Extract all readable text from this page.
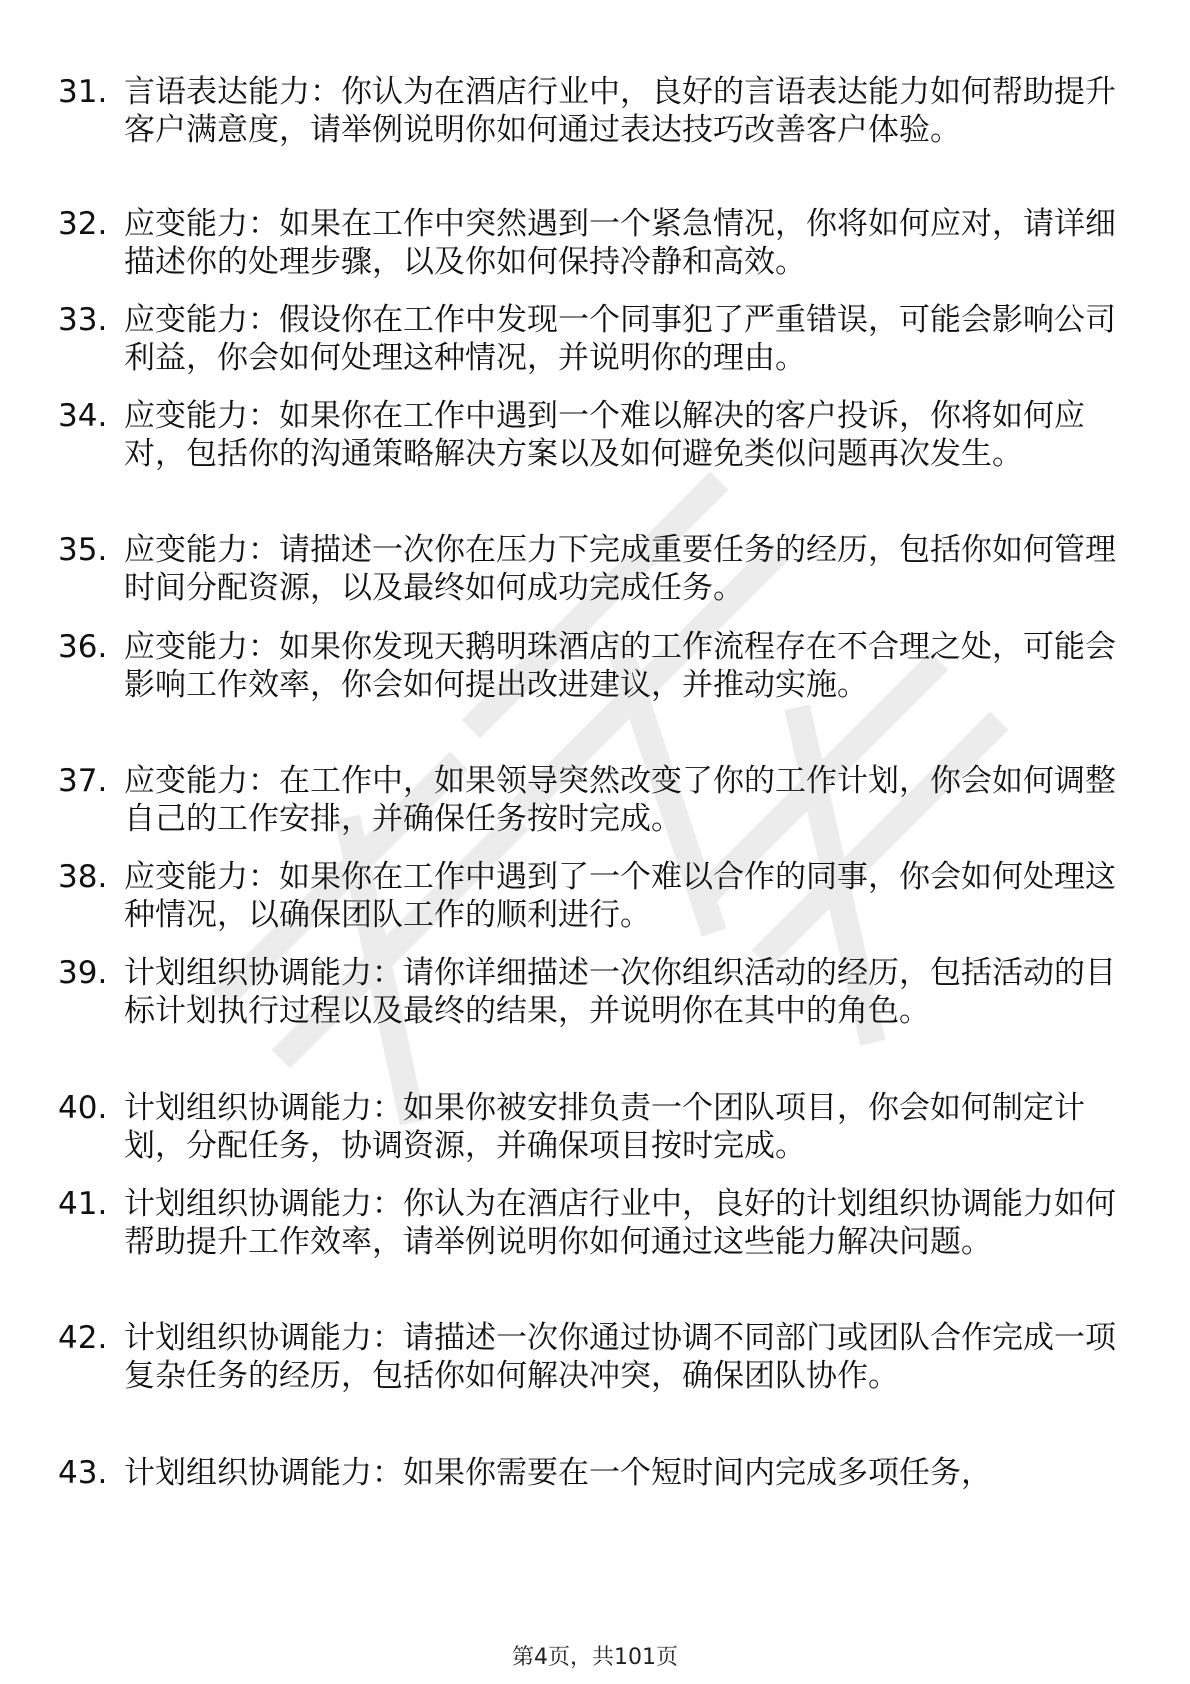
31. 言语表达能力：你认为在酒店行业中，良好的言语表达能力如何帮助提升客户满意度，请举例说明你如何通过表达技巧改善客户体验。
32. 应变能力：如果在工作中突然遇到一个紧急情况，你将如何应对，请详细描述你的处理步骤，以及你如何保持冷静和高效。
33. 应变能力：假设你在工作中发现一个同事犯了严重错误，可能会影响公司利益，你会如何处理这种情况，并说明你的理由。
34. 应变能力：如果你在工作中遇到一个难以解决的客户投诉，你将如何应对，包括你的沟通策略解决方案以及如何避免类似问题再次发生。
35. 应变能力：请描述一次你在压力下完成重要任务的经历，包括你如何管理时间分配资源，以及最终如何成功完成任务。
36. 应变能力：如果你发现天鹅明珠酒店的工作流程存在不合理之处，可能会影响工作效率，你会如何提出改进建议，并推动实施。
37. 应变能力：在工作中，如果领导突然改变了你的工作计划，你会如何调整自己的工作安排，并确保任务按时完成。
38. 应变能力：如果你在工作中遇到了一个难以合作的同事，你会如何处理这种情况，以确保团队工作的顺利进行。
39. 计划组织协调能力：请你详细描述一次你组织活动的经历，包括活动的目标计划执行过程以及最终的结果，并说明你在其中的角色。
40. 计划组织协调能力：如果你被安排负责一个团队项目，你会如何制定计划，分配任务，协调资源，并确保项目按时完成。
41. 计划组织协调能力：你认为在酒店行业中，良好的计划组织协调能力如何帮助提升工作效率，请举例说明你如何通过这些能力解决问题。
42. 计划组织协调能力：请描述一次你通过协调不同部门或团队合作完成一项复杂任务的经历，包括你如何解决冲突，确保团队协作。
43. 计划组织协调能力：如果你需要在一个短时间内完成多项任务，
第4页，共101页
